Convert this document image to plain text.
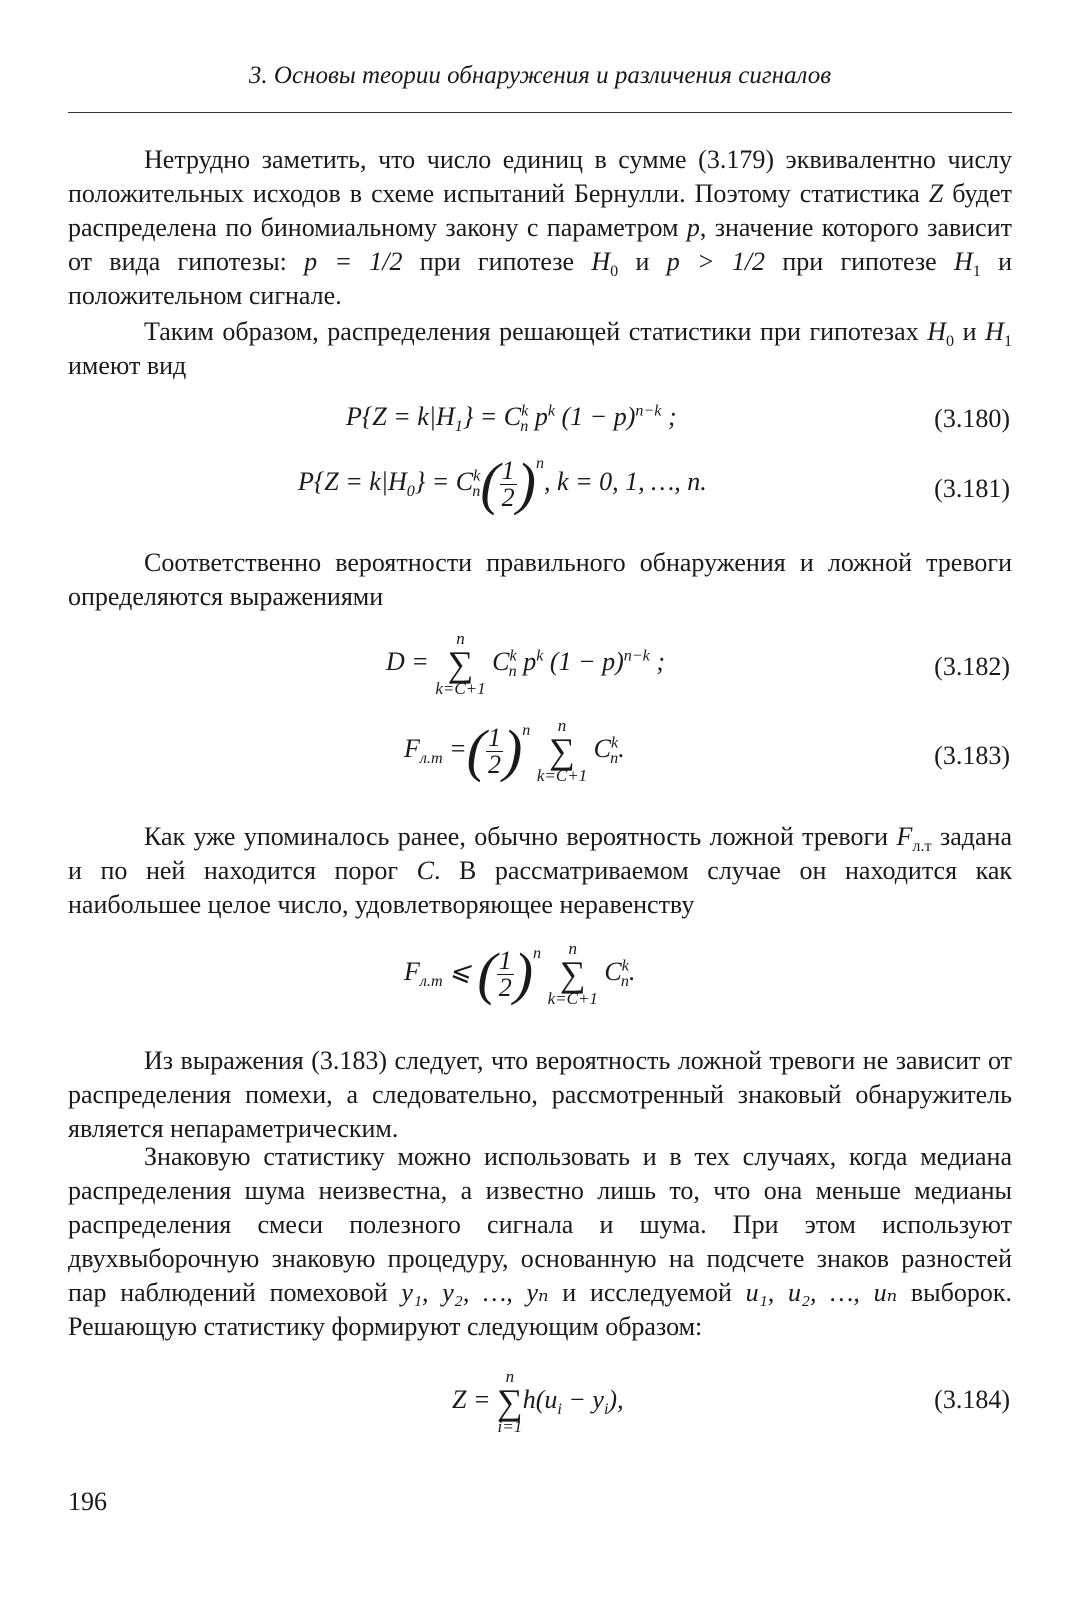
3. Основы теории обнаружения и различения сигналов

Нетрудно заметить, что число единиц в сумме (3.179) эквивалентно числу положительных исходов в схеме испытаний Бернулли. Поэтому статистика Z будет распределена по биномиальному закону с параметром p, значение которого зависит от вида гипотезы: p = 1/2 при гипотезе $H_0$ и p > 1/2 при гипотезе $H_1$ и положительном сигнале.

Таким образом, распределения решающей статистики при гипотезах $H_0$ и $H_1$ имеют вид

$P\{Z = k|H_1\} = C^k_n$ $p^k$ $(1 - p)^{n-k}$ ;	(3.180)
$P\{Z = k|H_0\} = C^k_n( \frac{1}{2} )^n$, k = 0, 1, …, n.	(3.181)

Соответственно вероятности правильного обнаружения и ложной тревоги определяются выражениями

D =
n
∑
k=C+1
$C^k_n$ $p^k$ $(1 - p)^{n-k}$ ;	(3.182)
$F_{л.т}$ =( $\frac{1}{2} )^n$	n
∑
k=C+1
$C^k_n$.	(3.183)

Как уже упоминалось ранее, обычно вероятность ложной тревоги $F_{л.т}$ задана и по ней находится порог C. В рассматриваемом случае он находится как наибольшее целое число, удовлетворяющее неравенству

$F_{л.т}$ ⩽ ( $\frac{1}{2} )^n$	n
∑
k=C+1
$C^k_n$.

Из выражения (3.183) следует, что вероятность ложной тревоги не зависит от распределения помехи, а следовательно, рассмотренный знаковый обнаружитель является непараметрическим.

Знаковую статистику можно использовать и в тех случаях, когда медиана распределения шума неизвестна, а известно лишь то, что она меньше медианы распределения смеси полезного сигнала и шума. При этом используют двухвыборочную знаковую процедуру, основанную на подсчете знаков разностей пар наблюдений помеховой y₁, y₂, …, yₙ и исследуемой u₁, u₂, …, uₙ выборок. Решающую статистику формируют следующим образом:

Z =
n
∑
i=1
$h(u_i - y_i)$,	(3.184)
196
